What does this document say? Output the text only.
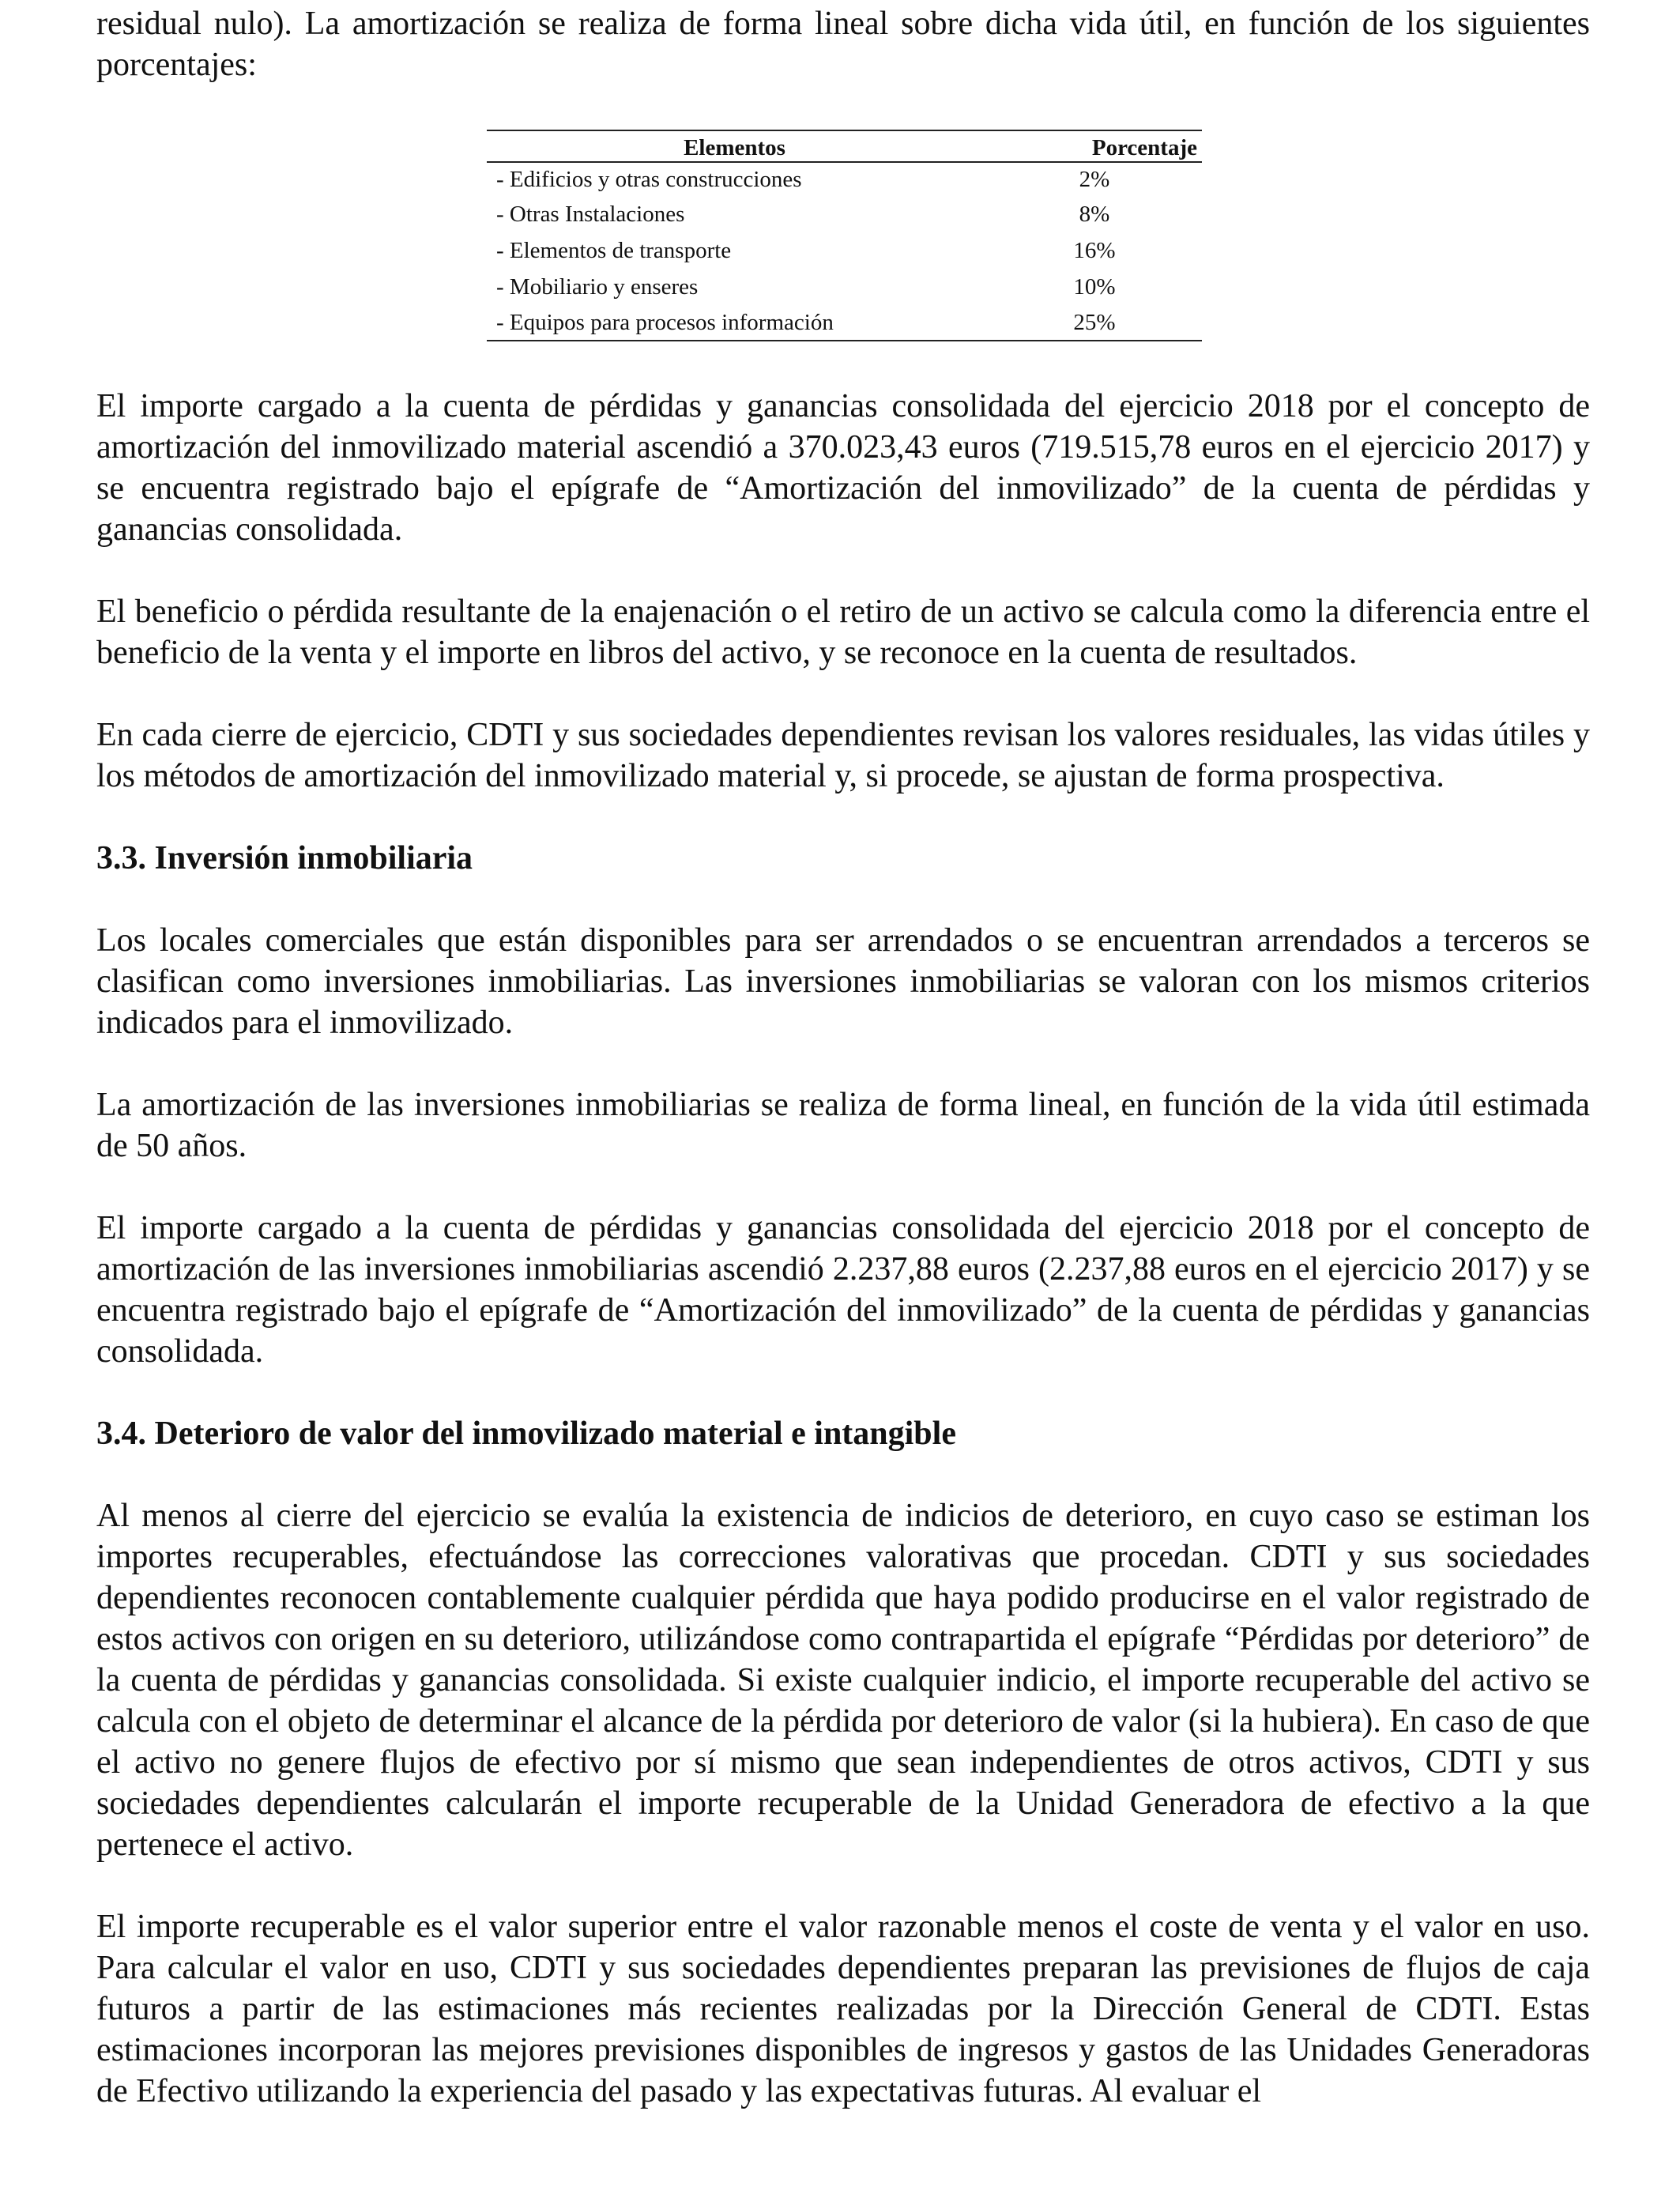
residual nulo). La amortización se realiza de forma lineal sobre dicha vida útil, en función de los siguientes porcentajes:

Elementos	Porcentaje
- Edificios y otras construcciones	2%
- Otras Instalaciones	8%
- Elementos de transporte	16%
- Mobiliario y enseres	10%
- Equipos para procesos información	25%

El importe cargado a la cuenta de pérdidas y ganancias consolidada del ejercicio 2018 por el concepto de amortización del inmovilizado material ascendió a 370.023,43 euros (719.515,78 euros en el ejercicio 2017) y se encuentra registrado bajo el epígrafe de “Amortización del inmovilizado” de la cuenta de pérdidas y ganancias consolidada.

El beneficio o pérdida resultante de la enajenación o el retiro de un activo se calcula como la diferencia entre el beneficio de la venta y el importe en libros del activo, y se reconoce en la cuenta de resultados.

En cada cierre de ejercicio, CDTI y sus sociedades dependientes revisan los valores residuales, las vidas útiles y los métodos de amortización del inmovilizado material y, si procede, se ajustan de forma prospectiva.

3.3. Inversión inmobiliaria

Los locales comerciales que están disponibles para ser arrendados o se encuentran arrendados a terceros se clasifican como inversiones inmobiliarias. Las inversiones inmobiliarias se valoran con los mismos criterios indicados para el inmovilizado.

La amortización de las inversiones inmobiliarias se realiza de forma lineal, en función de la vida útil estimada de 50 años.

El importe cargado a la cuenta de pérdidas y ganancias consolidada del ejercicio 2018 por el concepto de amortización de las inversiones inmobiliarias ascendió 2.237,88 euros (2.237,88 euros en el ejercicio 2017) y se encuentra registrado bajo el epígrafe de “Amortización del inmovilizado” de la cuenta de pérdidas y ganancias consolidada.

3.4. Deterioro de valor del inmovilizado material e intangible

Al menos al cierre del ejercicio se evalúa la existencia de indicios de deterioro, en cuyo caso se estiman los importes recuperables, efectuándose las correcciones valorativas que procedan. CDTI y sus sociedades dependientes reconocen contablemente cualquier pérdida que haya podido producirse en el valor registrado de estos activos con origen en su deterioro, utilizándose como contrapartida el epígrafe “Pérdidas por deterioro” de la cuenta de pérdidas y ganancias consolidada. Si existe cualquier indicio, el importe recuperable del activo se calcula con el objeto de determinar el alcance de la pérdida por deterioro de valor (si la hubiera). En caso de que el activo no genere flujos de efectivo por sí mismo que sean independientes de otros activos, CDTI y sus sociedades dependientes calcularán el importe recuperable de la Unidad Generadora de efectivo a la que pertenece el activo.

El importe recuperable es el valor superior entre el valor razonable menos el coste de venta y el valor en uso. Para calcular el valor en uso, CDTI y sus sociedades dependientes preparan las previsiones de flujos de caja futuros a partir de las estimaciones más recientes realizadas por la Dirección General de CDTI. Estas estimaciones incorporan las mejores previsiones disponibles de ingresos y gastos de las Unidades Generadoras de Efectivo utilizando la experiencia del pasado y las expectativas futuras. Al evaluar el
